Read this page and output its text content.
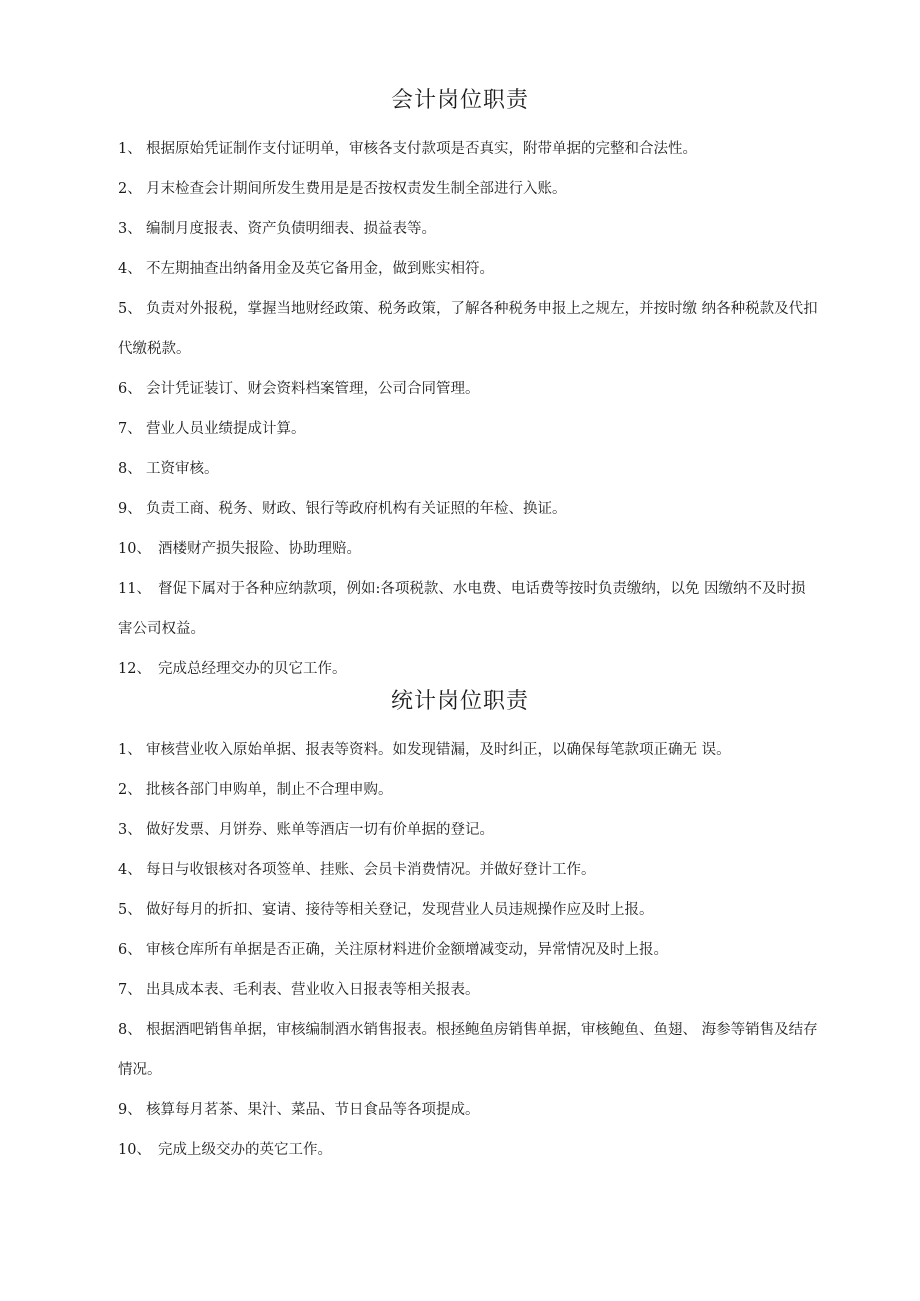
会计岗位职责
1、 根据原始凭证制作支付证明单，审核各支付款项是否真实，附带单据的完整和合法性。
2、 月末检查会计期间所发生费用是是否按权责发生制全部进行入账。
3、 编制月度报表、资产负债明细表、损益表等。
4、 不左期抽查出纳备用金及英它备用金，做到账实相符。
5、 负责对外报税，掌握当地财经政策、税务政策，了解各种税务申报上之规左，并按时缴 纳各种税款及代扣代缴税款。
6、 会计凭证装订、财会资料档案管理，公司合同管理。
7、 营业人员业绩提成计算。
8、 工资审核。
9、 负责工商、税务、财政、银行等政府机构有关证照的年检、换证。
10、 酒楼财产损失报险、协助理赔。
11、 督促下属对于各种应纳款项，例如:各项税款、水电费、电话费等按时负责缴纳，以免 因缴纳不及时损害公司权益。
12、 完成总经理交办的贝它工作。
统计岗位职责
1、 审核营业收入原始单据、报表等资料。如发现错漏，及时纠正，以确保每笔款项正确无 误。
2、 批核各部门申购单，制止不合理申购。
3、 做好发票、月饼券、账单等酒店一切有价单据的登记。
4、 每日与收银核对各项签单、挂账、会员卡消费情况。并做好登计工作。
5、 做好每月的折扣、宴请、接待等相关登记，发现营业人员违规操作应及时上报。
6、 审核仓库所有单据是否正确，关注原材料进价金额增减变动，异常情况及时上报。
7、 出具成本表、毛利表、营业收入日报表等相关报表。
8、 根据酒吧销售单据，审核编制酒水销售报表。根拯鲍鱼房销售单据，审核鲍鱼、鱼翅、 海参等销售及结存情况。
9、 核算每月茗茶、果汁、菜品、节日食品等各项提成。
10、 完成上级交办的英它工作。
